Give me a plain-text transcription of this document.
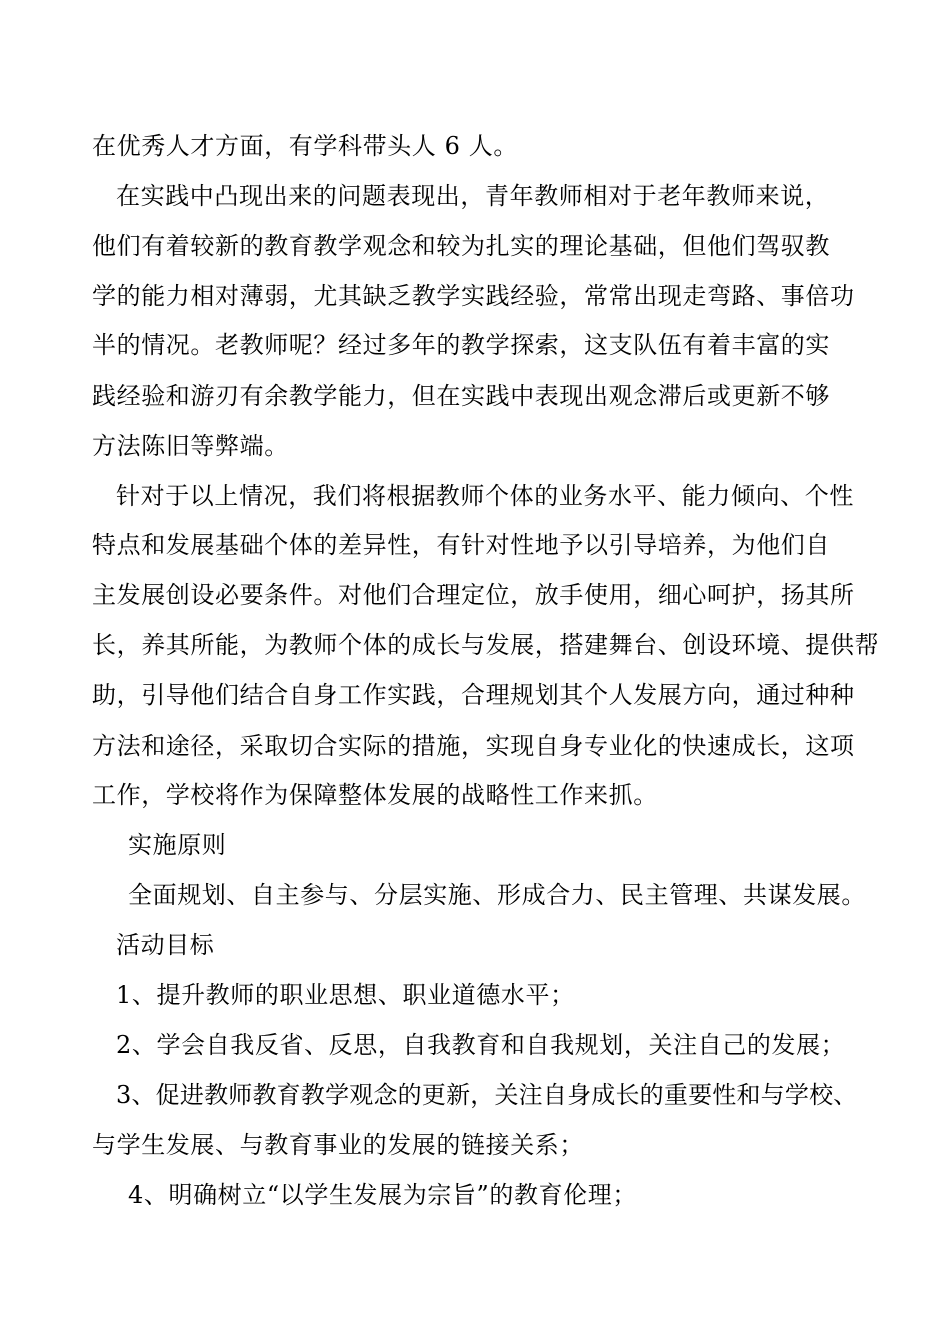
在优秀人才方面，有学科带头人 6 人。
在实践中凸现出来的问题表现出，青年教师相对于老年教师来说，
他们有着较新的教育教学观念和较为扎实的理论基础，但他们驾驭教
学的能力相对薄弱，尤其缺乏教学实践经验，常常出现走弯路、事倍功
半的情况。老教师呢？经过多年的教学探索，这支队伍有着丰富的实
践经验和游刃有余教学能力，但在实践中表现出观念滞后或更新不够
方法陈旧等弊端。
针对于以上情况，我们将根据教师个体的业务水平、能力倾向、个性
特点和发展基础个体的差异性，有针对性地予以引导培养，为他们自
主发展创设必要条件。对他们合理定位，放手使用，细心呵护，扬其所
长，养其所能，为教师个体的成长与发展，搭建舞台、创设环境、提供帮
助，引导他们结合自身工作实践，合理规划其个人发展方向，通过种种
方法和途径，采取切合实际的措施，实现自身专业化的快速成长，这项
工作，学校将作为保障整体发展的战略性工作来抓。
实施原则
全面规划、自主参与、分层实施、形成合力、民主管理、共谋发展。
活动目标
1、提升教师的职业思想、职业道德水平；
2、学会自我反省、反思，自我教育和自我规划，关注自己的发展；
3、促进教师教育教学观念的更新，关注自身成长的重要性和与学校、
与学生发展、与教育事业的发展的链接关系；
4、明确树立“以学生发展为宗旨”的教育伦理；
